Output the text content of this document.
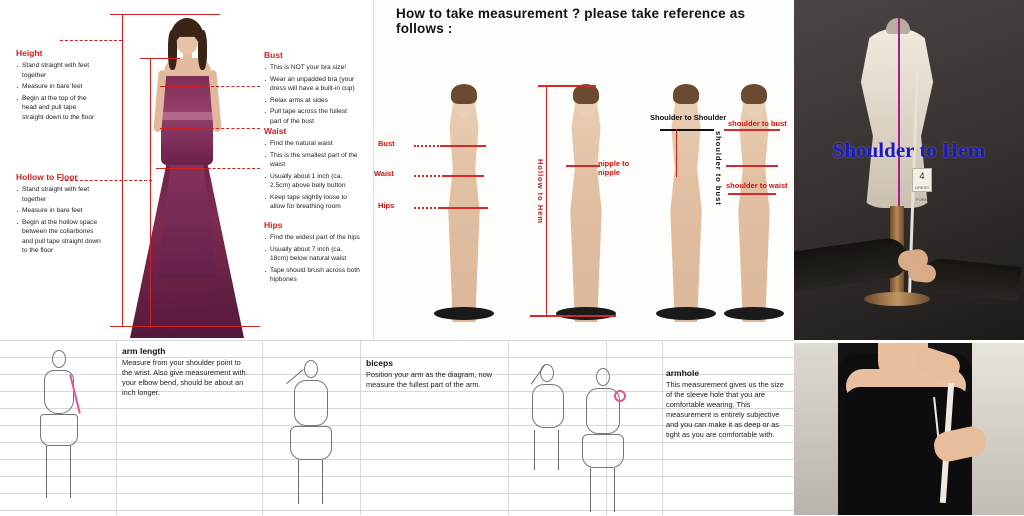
Height
· Stand straight with feet together
· Measure in bare feet
· Begin at the top of the head and pull tape straight down to the floor
Hollow to Floor
· Stand straight with feet together
· Measure in bare feet
· Begin at the hollow space between the collarbones and pull tape straight down to the floor
Bust
· This is NOT your bra size!
· Wear an unpadded bra (your dress will have a built-in cup)
· Relax arms at sides
· Pull tape across the fullest part of the bust
Waist
· Find the natural waist
· This is the smallest part of the waist
· Usually about 1 inch (ca. 2.5cm) above belly button
· Keep tape slightly loose to allow for breathing room
Hips
· Find the widest part of the hips
· Usually about 7 inch (ca. 18cm) below natural waist
· Tape should brush across both hipbones
How to take measurement ? please take reference as follows :
Bust
Waist
Hips	Hollow to Hem	nipple to nipple
Shoulder to Shoulder
shoulder to bust
shoulder to bust
shoulder to waist
4
DRESS FORM
Shoulder to Hem
arm length
Measure from your shoulder point to the wrist. Also give measurement with your elbow bend, should be about an inch longer.
biceps
Position your arm as the diagram, now measure the fullest part of the arm.
armhole
This measurement gives us the size of the sleeve hole that you are comfortable wearing. This measurement is entirely subjective and you can make it as deep or as tight as you are comfortable with.
